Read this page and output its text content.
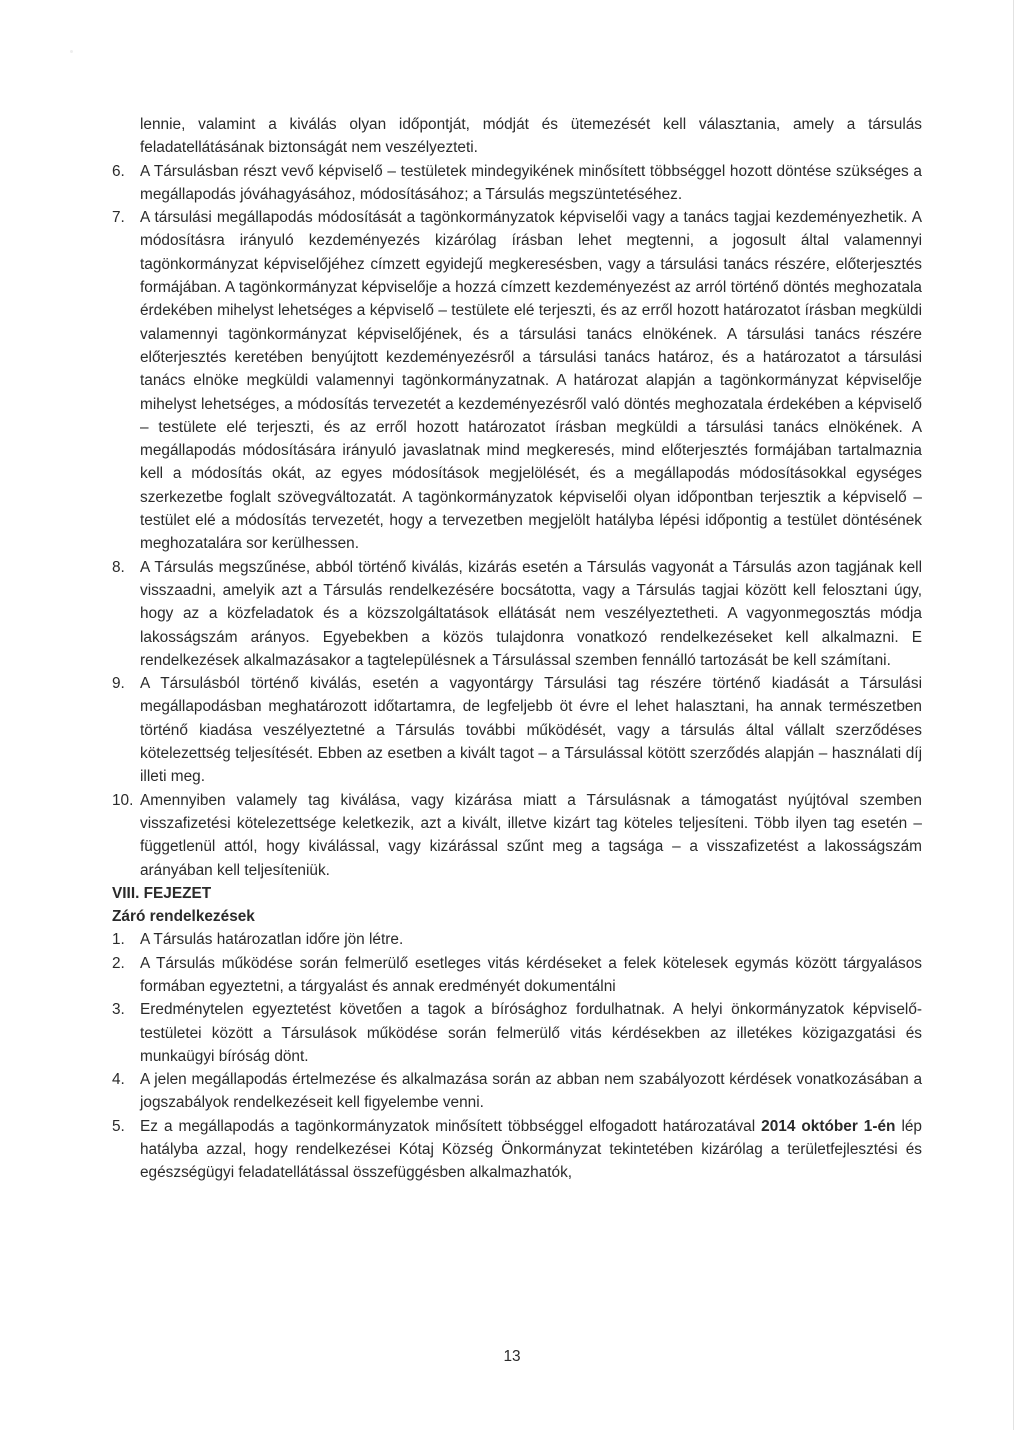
lennie, valamint a kiválás olyan időpontját, módját és ütemezését kell választania, amely a társulás feladatellátásának biztonságát nem veszélyezteti.

6. A Társulásban részt vevő képviselő – testületek mindegyikének minősített többséggel hozott döntése szükséges a megállapodás jóváhagyásához, módosításához; a Társulás megszüntetéséhez.

7. A társulási megállapodás módosítását a tagönkormányzatok képviselői vagy a tanács tagjai kezdeményezhetik. A módosításra irányuló kezdeményezés kizárólag írásban lehet megtenni, a jogosult által valamennyi tagönkormányzat képviselőjéhez címzett egyidejű megkeresésben, vagy a társulási tanács részére, előterjesztés formájában. A tagönkormányzat képviselője a hozzá címzett kezdeményezést az arról történő döntés meghozatala érdekében mihelyst lehetséges a képviselő – testülete elé terjeszti, és az erről hozott határozatot írásban megküldi valamennyi tagönkormányzat képviselőjének, és a társulási tanács elnökének. A társulási tanács részére előterjesztés keretében benyújtott kezdeményezésről a társulási tanács határoz, és a határozatot a társulási tanács elnöke megküldi valamennyi tagönkormányzatnak. A határozat alapján a tagönkormányzat képviselője mihelyst lehetséges, a módosítás tervezetét a kezdeményezésről való döntés meghozatala érdekében a képviselő – testülete elé terjeszti, és az erről hozott határozatot írásban megküldi a társulási tanács elnökének. A megállapodás módosítására irányuló javaslatnak mind megkeresés, mind előterjesztés formájában tartalmaznia kell a módosítás okát, az egyes módosítások megjelölését, és a megállapodás módosításokkal egységes szerkezetbe foglalt szövegváltozatát. A tagönkormányzatok képviselői olyan időpontban terjesztik a képviselő – testület elé a módosítás tervezetét, hogy a tervezetben megjelölt hatályba lépési időpontig a testület döntésének meghozatalára sor kerülhessen.

8. A Társulás megszűnése, abból történő kiválás, kizárás esetén a Társulás vagyonát a Társulás azon tagjának kell visszaadni, amelyik azt a Társulás rendelkezésére bocsátotta, vagy a Társulás tagjai között kell felosztani úgy, hogy az a közfeladatok és a közszolgáltatások ellátását nem veszélyeztetheti. A vagyonmegosztás módja lakosságszám arányos. Egyebekben a közös tulajdonra vonatkozó rendelkezéseket kell alkalmazni. E rendelkezések alkalmazásakor a tagtelepülésnek a Társulással szemben fennálló tartozását be kell számítani.

9. A Társulásból történő kiválás, esetén a vagyontárgy Társulási tag részére történő kiadását a Társulási megállapodásban meghatározott időtartamra, de legfeljebb öt évre el lehet halasztani, ha annak természetben történő kiadása veszélyeztetné a Társulás további működését, vagy a társulás által vállalt szerződéses kötelezettség teljesítését. Ebben az esetben a kivált tagot – a Társulással kötött szerződés alapján – használati díj illeti meg.

10. Amennyiben valamely tag kiválása, vagy kizárása miatt a Társulásnak a támogatást nyújtóval szemben visszafizetési kötelezettsége keletkezik, azt a kivált, illetve kizárt tag köteles teljesíteni. Több ilyen tag esetén – függetlenül attól, hogy kiválással, vagy kizárással szűnt meg a tagsága – a visszafizetést a lakosságszám arányában kell teljesíteniük.

VIII. FEJEZET

Záró rendelkezések

1. A Társulás határozatlan időre jön létre.

2. A Társulás működése során felmerülő esetleges vitás kérdéseket a felek kötelesek egymás között tárgyalásos formában egyeztetni, a tárgyalást és annak eredményét dokumentálni

3. Eredménytelen egyeztetést követően a tagok a bírósághoz fordulhatnak. A helyi önkormányzatok képviselő-testületei között a Társulások működése során felmerülő vitás kérdésekben az illetékes közigazgatási és munkaügyi bíróság dönt.

4. A jelen megállapodás értelmezése és alkalmazása során az abban nem szabályozott kérdések vonatkozásában a jogszabályok rendelkezéseit kell figyelembe venni.

5. Ez a megállapodás a tagönkormányzatok minősített többséggel elfogadott határozatával 2014 október 1-én lép hatályba azzal, hogy rendelkezései Kótaj Község Önkormányzat tekintetében kizárólag a területfejlesztési és egészségügyi feladatellátással összefüggésben alkalmazhatók,

13
